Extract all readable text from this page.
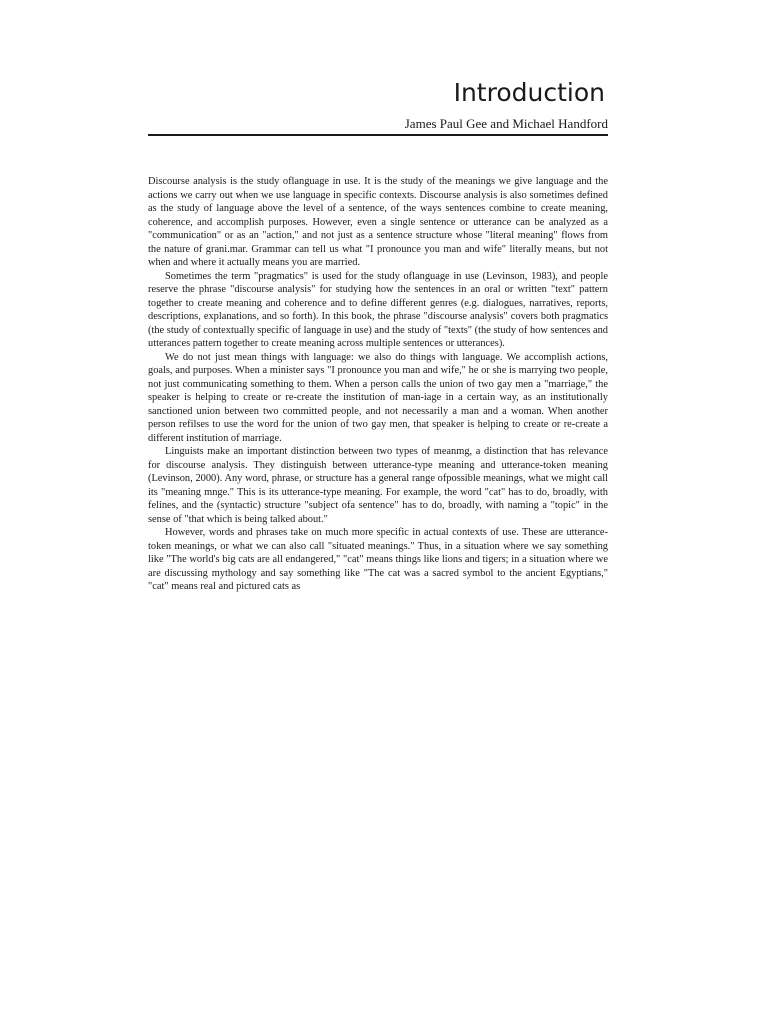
Introduction
James Paul Gee and Michael Handford

Discourse analysis is the study oflanguage in use. It is the study of the meanings we give language and the actions we carry out when we use language in specific contexts. Discourse analysis is also sometimes defined as the study of language above the level of a sentence, of the ways sentences combine to create meaning, coherence, and accomplish purposes. However, even a single sentence or utterance can be analyzed as a "communication" or as an "action," and not just as a sentence structure whose "literal meaning" flows from the nature of grani.mar. Grammar can tell us what "I pronounce you man and wife" literally means, but not when and where it actually means you are married.

Sometimes the term "pragmatics" is used for the study oflanguage in use (Levinson, 1983), and people reserve the phrase "discourse analysis" for studying how the sentences in an oral or written "text" pattern together to create meaning and coherence and to define different genres (e.g. dialogues, narratives, reports, descriptions, explanations, and so forth). In this book, the phrase "discourse analysis" covers both pragmatics (the study of contextually specific of language in use) and the study of "texts" (the study of how sentences and utterances pattern together to create meaning across multiple sentences or utterances).

We do not just mean things with language: we also do things with language. We accomplish actions, goals, and purposes. When a minister says "I pronounce you man and wife," he or she is marrying two people, not just communicating something to them. When a person calls the union of two gay men a "marriage," the speaker is helping to create or re-create the institution of man-iage in a certain way, as an institutionally sanctioned union between two committed people, and not necessarily a man and a woman. When another person refilses to use the word for the union of two gay men, that speaker is helping to create or re-create a different institution of marriage.

Linguists make an important distinction between two types of meanmg, a distinction that has relevance for discourse analysis. They distinguish between utterance-type meaning and utterance-token meaning (Levinson, 2000). Any word, phrase, or structure has a general range ofpossible meanings, what we might call its "meaning mnge." This is its utterance-type meaning. For example, the word "cat" has to do, broadly, with felines, and the (syntactic) structure "subject ofa sentence" has to do, broadly, with naming a "topic" in the sense of "that which is being talked about."

However, words and phrases take on much more specific in actual contexts of use. These are utterance-token meanings, or what we can also call "situated meanings." Thus, in a situation where we say something like "The world's big cats are all endangered," "cat" means things like lions and tigers; in a situation where we are discussing mythology and say something like "The cat was a sacred symbol to the ancient Egyptians," "cat" means real and pictured cats as
